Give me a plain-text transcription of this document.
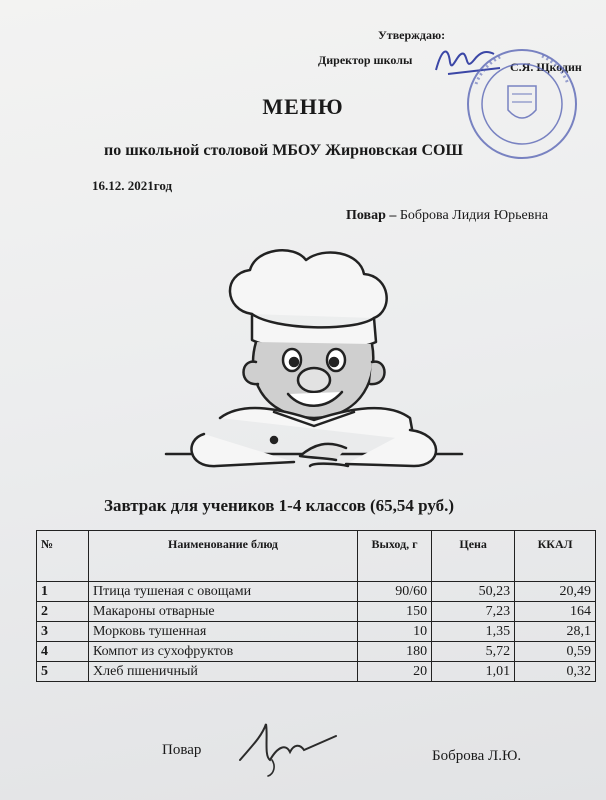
Утверждаю:
Директор школы	С.Я. Щкодин
МЕНЮ
по школьной столовой МБОУ Жирновская СОШ
16.12. 2021год
Повар – Боброва Лидия Юрьевна
Завтрак для учеников 1-4 классов (65,54 руб.)
№	Наименование блюд	Выход, г	Цена	ККАЛ
1	Птица тушеная с овощами	90/60	50,23	20,49
2	Макароны отварные	150	7,23	164
3	Морковь тушенная	10	1,35	28,1
4	Компот из сухофруктов	180	5,72	0,59
5	Хлеб пшеничный	20	1,01	0,32
Повар	Боброва Л.Ю.
